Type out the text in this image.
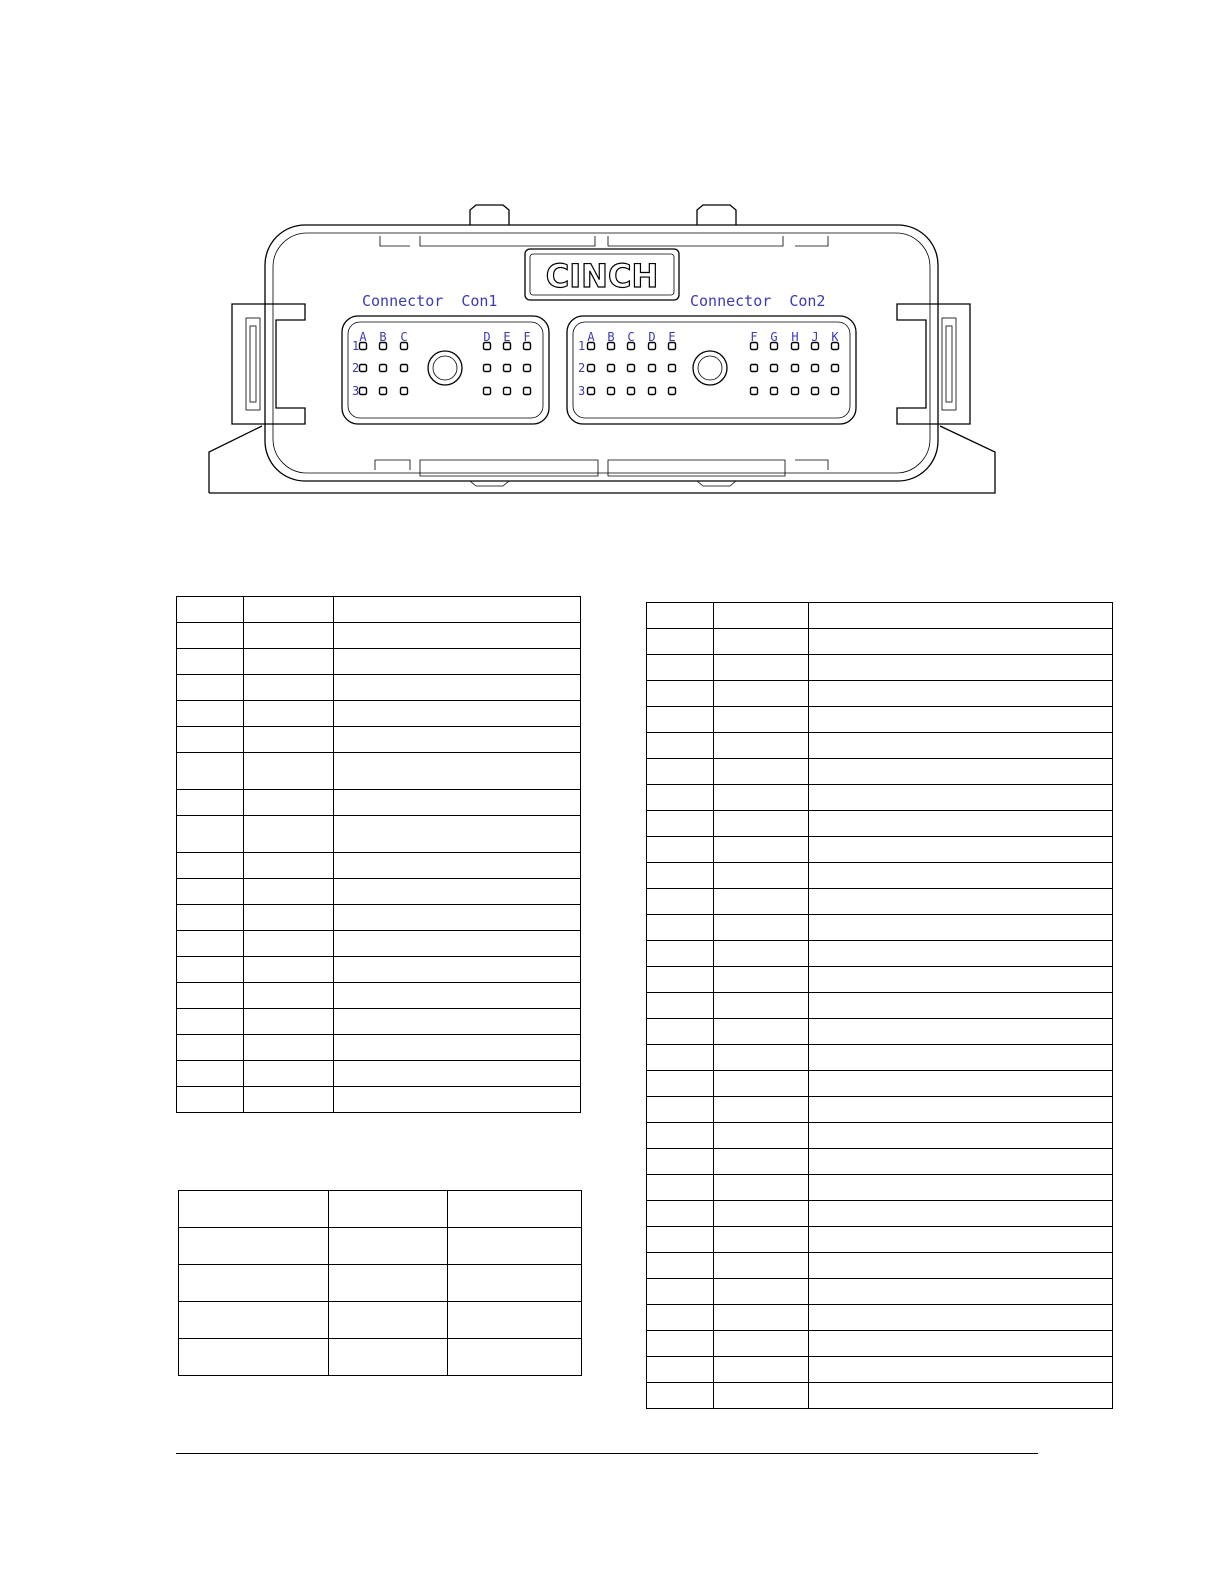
CINCH
Connector  Con1	Connector  Con2
A B C	D E F
1
2
3
A B C D E	F G H J K
1
2
3
